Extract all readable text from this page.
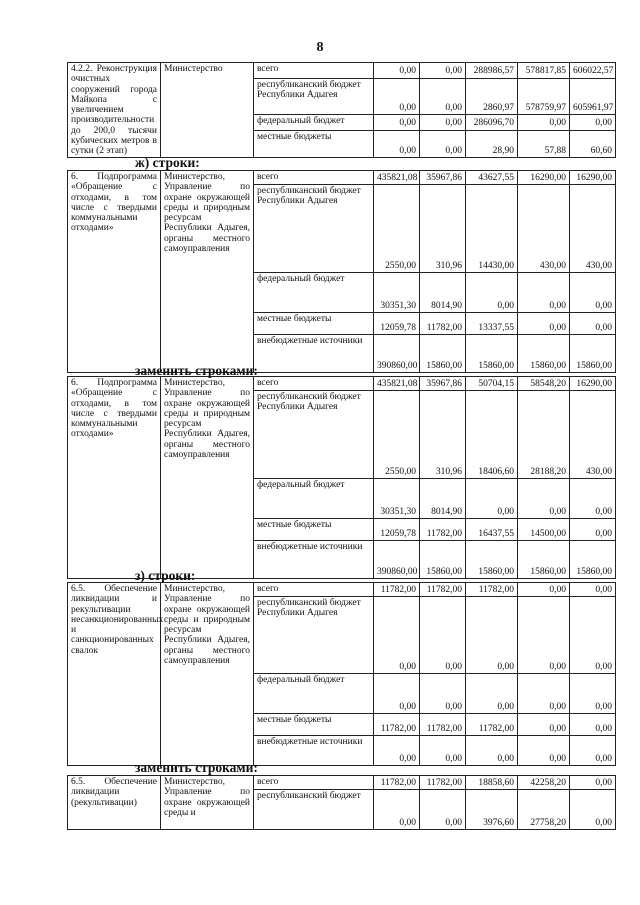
8
4.2.2. Реконструкция очистных сооружений города Майкопа с увеличением производительности до 200,0 тысячи кубических метров в сутки (2 этап)	Министерство	всего	0,00	0,00	288986,57	578817,85	606022,57
		республиканский бюджет Республики Адыгея	0,00	0,00	2860,97	578759,97	605961,97
		федеральный бюджет	0,00	0,00	286096,70	0,00	0,00
		местные бюджеты	0,00	0,00	28,90	57,88	60,60
ж) строки:
6. Подпрограмма «Обращение с отходами, в том числе с твердыми коммунальными отходами»	Министерство, Управление по охране окружающей среды и природным ресурсам Республики Адыгея, органы местного самоуправления	всего	435821,08	35967,86	43627,55	16290,00	16290,00
		республиканский бюджет Республики Адыгея	2550,00	310,96	14430,00	430,00	430,00
		федеральный бюджет	30351,30	8014,90	0,00	0,00	0,00
		местные бюджеты	12059,78	11782,00	13337,55	0,00	0,00
		внебюджетные источники	390860,00	15860,00	15860,00	15860,00	15860,00
заменить строками:
6. Подпрограмма «Обращение с отходами, в том числе с твердыми коммунальными отходами»	Министерство, Управление по охране окружающей среды и природным ресурсам Республики Адыгея, органы местного самоуправления	всего	435821,08	35967,86	50704,15	58548,20	16290,00
		республиканский бюджет Республики Адыгея	2550,00	310,96	18406,60	28188,20	430,00
		федеральный бюджет	30351,30	8014,90	0,00	0,00	0,00
		местные бюджеты	12059,78	11782,00	16437,55	14500,00	0,00
		внебюджетные источники	390860,00	15860,00	15860,00	15860,00	15860,00
з) строки:
6.5. Обеспечение ликвидации и рекультивации несанкционированных и санкционированных свалок	Министерство, Управление по охране окружающей среды и природным ресурсам Республики Адыгея, органы местного самоуправления	всего	11782,00	11782,00	11782,00	0,00	0,00
		республиканский бюджет Республики Адыгея	0,00	0,00	0,00	0,00	0,00
		федеральный бюджет	0,00	0,00	0,00	0,00	0,00
		местные бюджеты	11782,00	11782,00	11782,00	0,00	0,00
		внебюджетные источники	0,00	0,00	0,00	0,00	0,00
заменить строками:
6.5. Обеспечение ликвидации (рекультивации)	Министерство, Управление по охране окружающей среды и	всего	11782,00	11782,00	18858,60	42258,20	0,00
		республиканский бюджет	0,00	0,00	3976,60	27758,20	0,00
